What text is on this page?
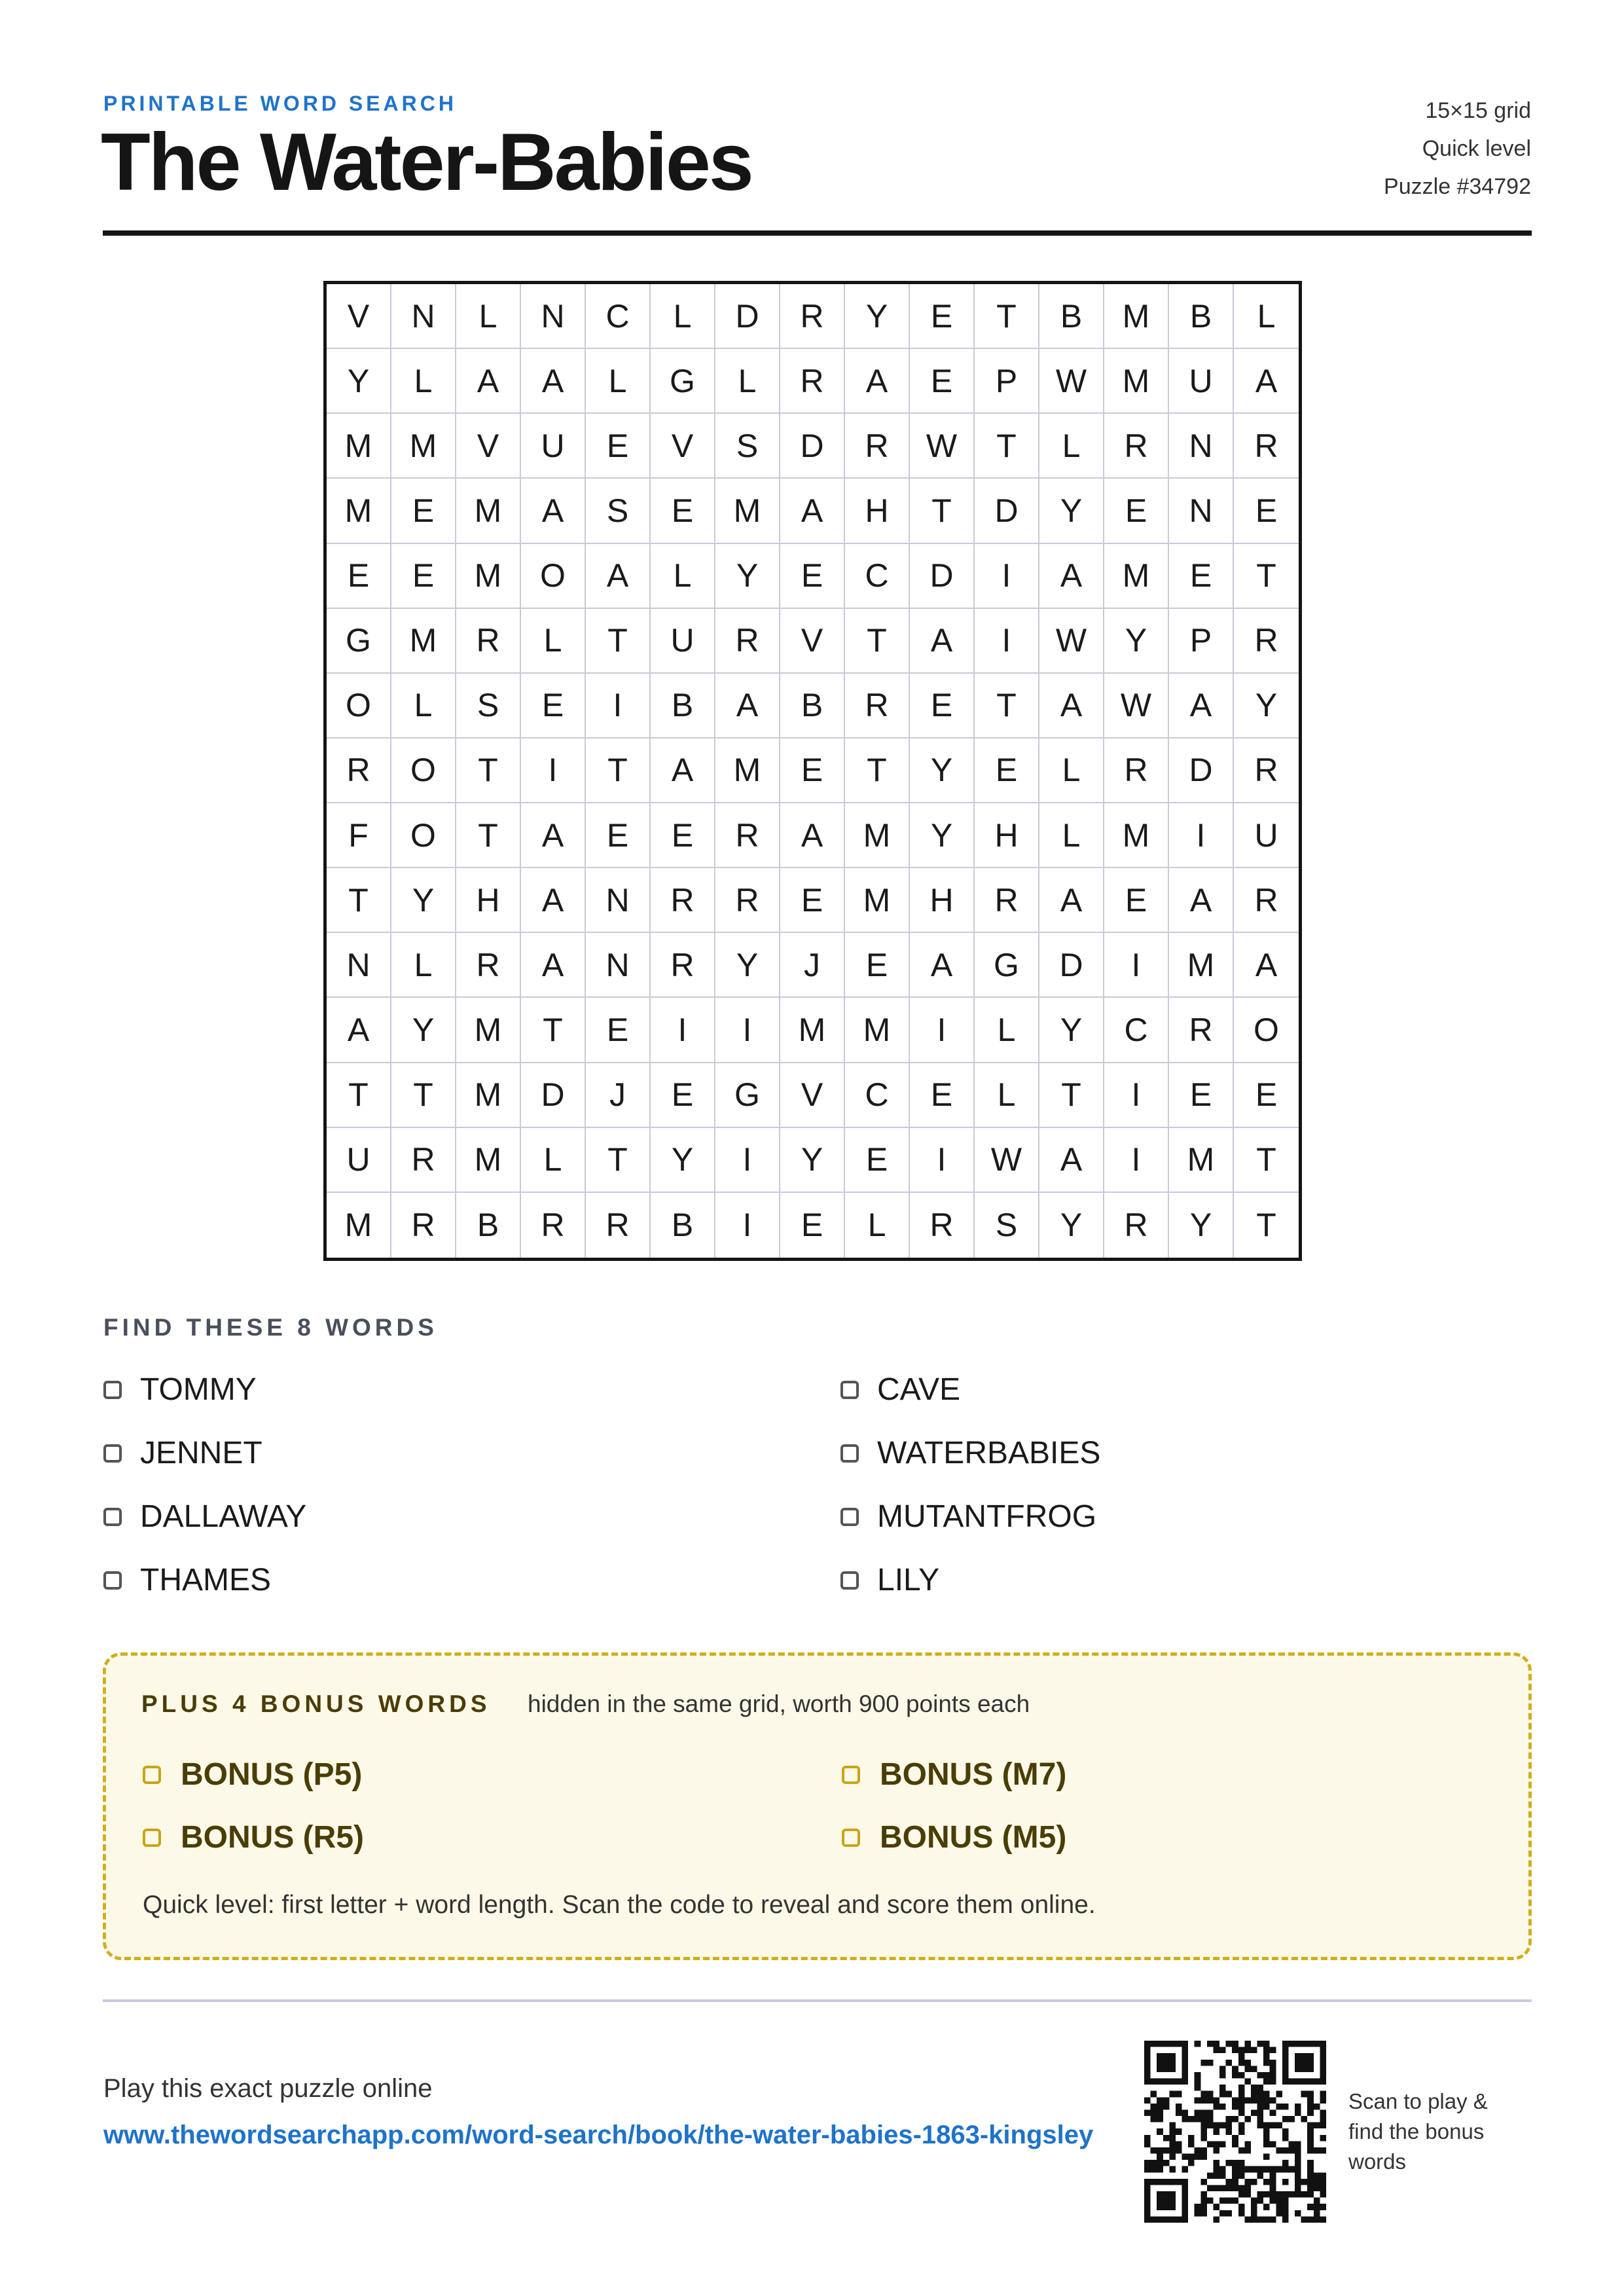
PRINTABLE WORD SEARCH
The Water-Babies
15×15 grid
Quick level
Puzzle #34792
V	N	L	N	C	L	D	R	Y	E	T	B	M	B	L
Y	L	A	A	L	G	L	R	A	E	P	W	M	U	A
M	M	V	U	E	V	S	D	R	W	T	L	R	N	R
M	E	M	A	S	E	M	A	H	T	D	Y	E	N	E
E	E	M	O	A	L	Y	E	C	D	I	A	M	E	T
G	M	R	L	T	U	R	V	T	A	I	W	Y	P	R
O	L	S	E	I	B	A	B	R	E	T	A	W	A	Y
R	O	T	I	T	A	M	E	T	Y	E	L	R	D	R
F	O	T	A	E	E	R	A	M	Y	H	L	M	I	U
T	Y	H	A	N	R	R	E	M	H	R	A	E	A	R
N	L	R	A	N	R	Y	J	E	A	G	D	I	M	A
A	Y	M	T	E	I	I	M	M	I	L	Y	C	R	O
T	T	M	D	J	E	G	V	C	E	L	T	I	E	E
U	R	M	L	T	Y	I	Y	E	I	W	A	I	M	T
M	R	B	R	R	B	I	E	L	R	S	Y	R	Y	T
FIND THESE 8 WORDS
TOMMY	CAVE
JENNET	WATERBABIES
DALLAWAY	MUTANTFROG
THAMES	LILY
PLUS 4 BONUS WORDS hidden in the same grid, worth 900 points each
BONUS (P5)	BONUS (M7)
BONUS (R5)	BONUS (M5)
Quick level: first letter + word length. Scan the code to reveal and score them online.
Play this exact puzzle online
www.thewordsearchapp.com/word-search/book/the-water-babies-1863-kingsley
Scan to play & find the bonus words
